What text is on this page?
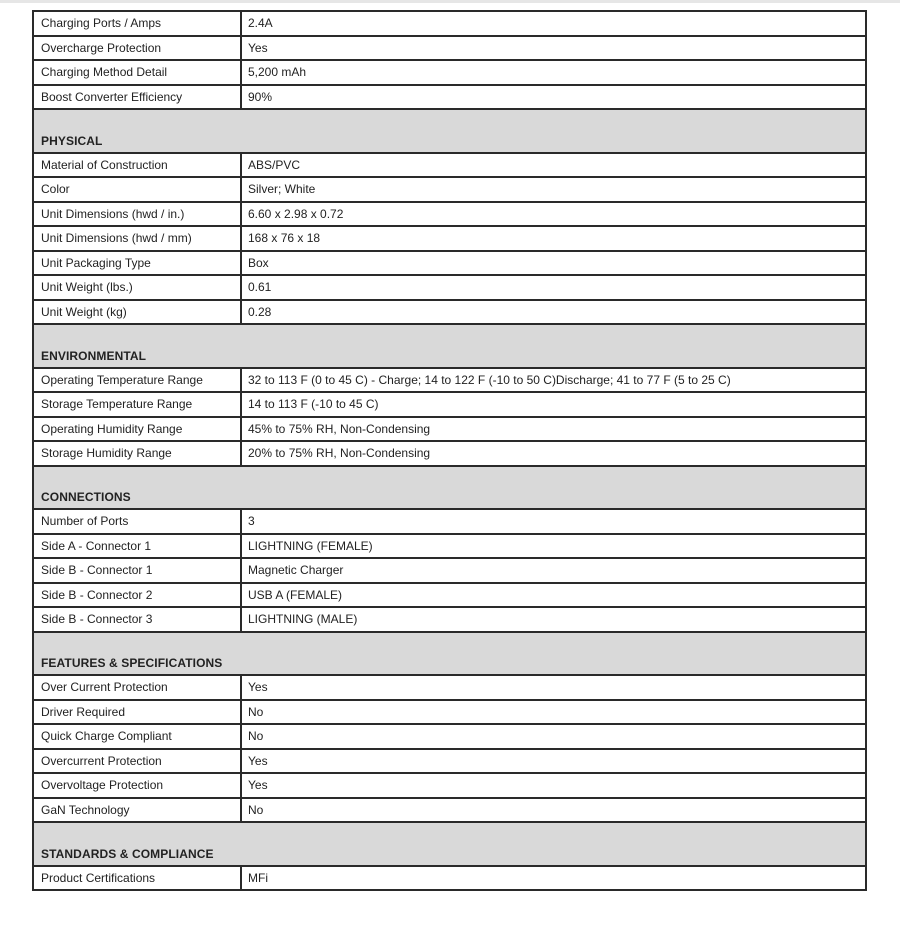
Charging Ports / Amps	2.4A
Overcharge Protection	Yes
Charging Method Detail	5,200 mAh
Boost Converter Efficiency	90%
PHYSICAL	
Material of Construction	ABS/PVC
Color	Silver; White
Unit Dimensions (hwd / in.)	6.60 x 2.98 x 0.72
Unit Dimensions (hwd / mm)	168 x 76 x 18
Unit Packaging Type	Box
Unit Weight (lbs.)	0.61
Unit Weight (kg)	0.28
ENVIRONMENTAL	
Operating Temperature Range	32 to 113 F (0 to 45 C) - Charge; 14 to 122 F (-10 to 50 C)Discharge; 41 to 77 F (5 to 25 C)
Storage Temperature Range	14 to 113 F (-10 to 45 C)
Operating Humidity Range	45% to 75% RH, Non-Condensing
Storage Humidity Range	20% to 75% RH, Non-Condensing
CONNECTIONS	
Number of Ports	3
Side A - Connector 1	LIGHTNING (FEMALE)
Side B - Connector 1	Magnetic Charger
Side B - Connector 2	USB A (FEMALE)
Side B - Connector 3	LIGHTNING (MALE)
FEATURES & SPECIFICATIONS	
Over Current Protection	Yes
Driver Required	No
Quick Charge Compliant	No
Overcurrent Protection	Yes
Overvoltage Protection	Yes
GaN Technology	No
STANDARDS & COMPLIANCE	
Product Certifications	MFi
